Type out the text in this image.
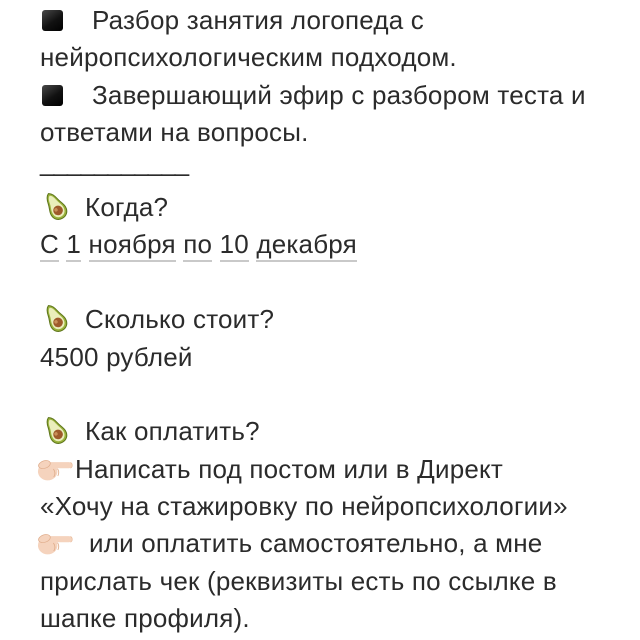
Разбор занятия логопеда с
нейропсихологическим подходом.
Завершающий эфир с разбором теста и
ответами на вопросы.
___________
Когда?
С 1 ноября по 10 декабря
Сколько стоит?
4500 рублей
Как оплатить?
Написать под постом или в Директ
«Хочу на стажировку по нейропсихологии»
или оплатить самостоятельно, а мне
прислать чек (реквизиты есть по ссылке в
шапке профиля).
